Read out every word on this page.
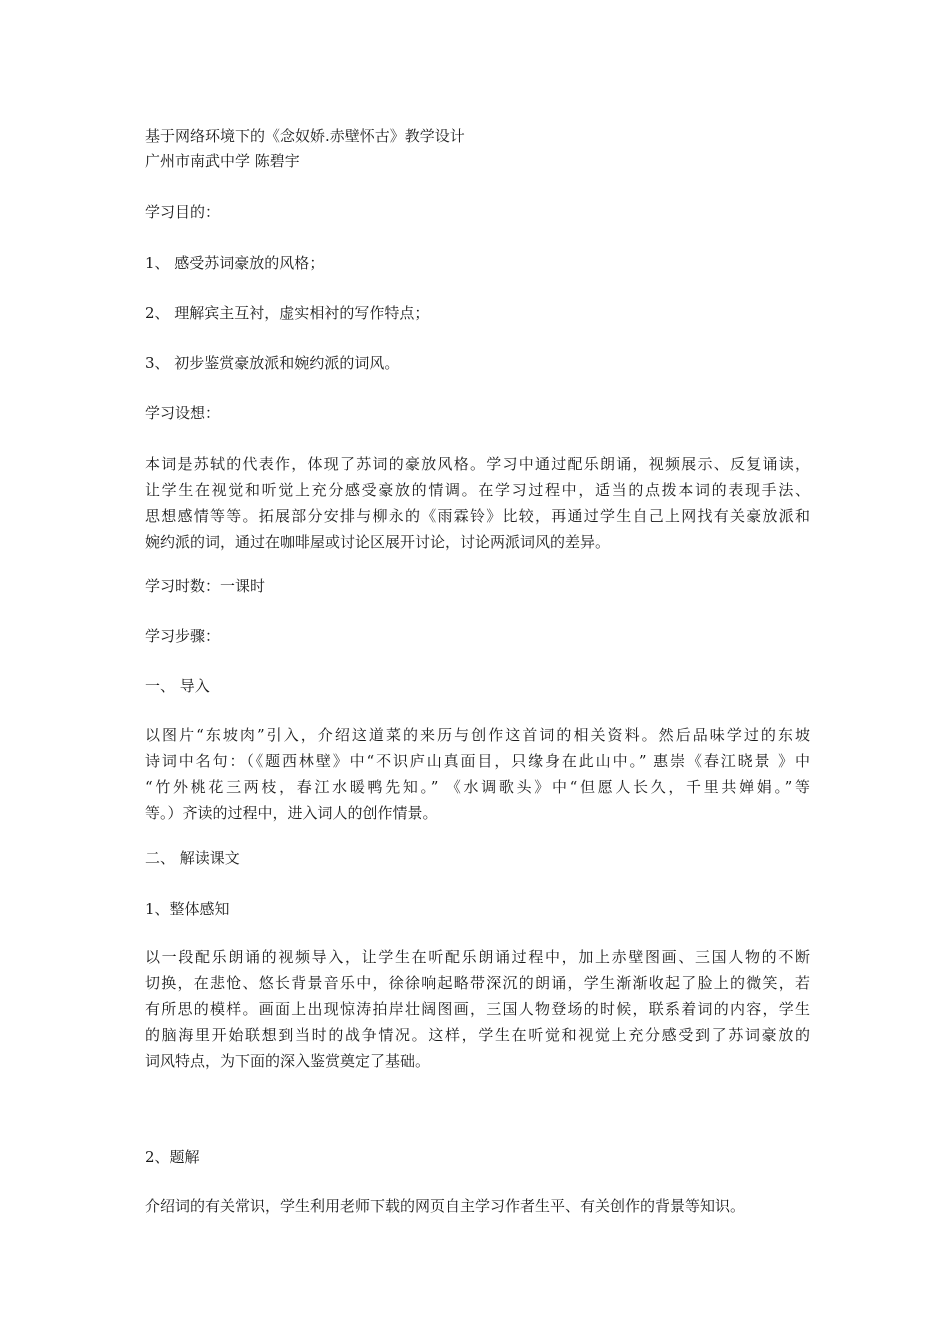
基于网络环境下的《念奴娇.赤壁怀古》教学设计

广州市南武中学 陈碧宇

学习目的：

1、 感受苏词豪放的风格；

2、 理解宾主互衬，虚实相衬的写作特点；

3、 初步鉴赏豪放派和婉约派的词风。

学习设想：

本词是苏轼的代表作，体现了苏词的豪放风格。学习中通过配乐朗诵，视频展示、反复诵读，
让学生在视觉和听觉上充分感受豪放的情调。在学习过程中，适当的点拨本词的表现手法、
思想感情等等。拓展部分安排与柳永的《雨霖铃》比较，再通过学生自己上网找有关豪放派和
婉约派的词，通过在咖啡屋或讨论区展开讨论，讨论两派词风的差异。

学习时数：一课时

学习步骤：

一、 导入

以图片“东坡肉”引入，介绍这道菜的来历与创作这首词的相关资料。然后品味学过的东坡
诗词中名句：（《题西林壁》中“不识庐山真面目，只缘身在此山中。” 惠崇《春江晓景 》中
“竹外桃花三两枝，春江水暖鸭先知。” 《水调歌头》中“但愿人长久，千里共婵娟。”等
等。）齐读的过程中，进入词人的创作情景。

二、 解读课文

1、整体感知

以一段配乐朗诵的视频导入，让学生在听配乐朗诵过程中，加上赤壁图画、三国人物的不断
切换，在悲怆、悠长背景音乐中，徐徐响起略带深沉的朗诵，学生渐渐收起了脸上的微笑，若
有所思的模样。画面上出现惊涛拍岸壮阔图画，三国人物登场的时候，联系着词的内容，学生
的脑海里开始联想到当时的战争情况。这样，学生在听觉和视觉上充分感受到了苏词豪放的
词风特点，为下面的深入鉴赏奠定了基础。

2、题解

介绍词的有关常识，学生利用老师下载的网页自主学习作者生平、有关创作的背景等知识。
